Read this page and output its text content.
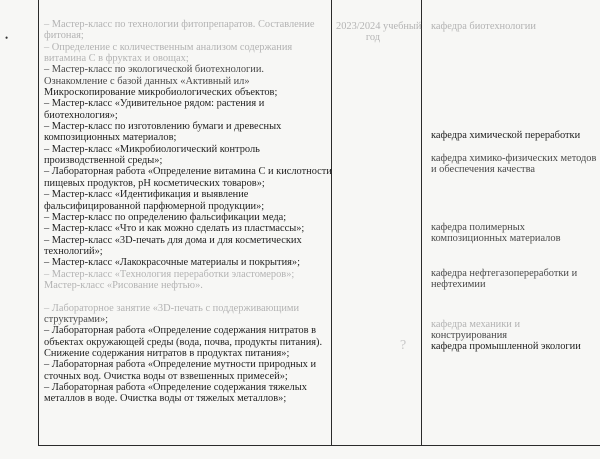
•
– Мастер-класс по технологии фитопрепаратов. Составление
фитоная;
– Определение с количественным анализом содержания
витамина С в фруктах и овощах;
– Мастер-класс по экологической биотехнологии.
Ознакомление с базой данных «Активный ил»
Микроскопирование микробиологических объектов;
– Мастер-класс «Удивительное рядом: растения и
биотехнология»;
– Мастер-класс по изготовлению бумаги и древесных
композиционных материалов;
– Мастер-класс «Микробиологический контроль
производственной среды»;
– Лабораторная работа «Определение витамина С и кислотности
пищевых продуктов, pH косметических товаров»;
– Мастер-класс «Идентификация и выявление
фальсифицированной парфюмерной продукции»;
– Мастер-класс по определению фальсификации меда;
– Мастер-класс «Что и как можно сделать из пластмассы»;
– Мастер-класс «3D-печать для дома и для косметических
технологий»;
– Мастер-класс «Лакокрасочные материалы и покрытия»;
– Мастер-класс «Технология переработки эластомеров»;
Мастер-класс «Рисование нефтью».

– Лабораторное занятие «3D-печать с поддерживающими
структурами»;
– Лабораторная работа «Определение содержания нитратов в
объектах окружающей среды (вода, почва, продукты питания).
Снижение содержания нитратов в продуктах питания»;
– Лабораторная работа «Определение мутности природных и
сточных вод. Очистка воды от взвешенных примесей»;
– Лабораторная работа «Определение содержания тяжелых
металлов в воде. Очистка воды от тяжелых металлов»;
2023/2024 учебный
год
кафедра биотехнологии
кафедра химической переработки
кафедра химико-физических методов
и обеспечения качества
кафедра полимерных
композиционных материалов
кафедра нефтегазопереработки и
нефтехимии
кафедра механики и
конструирования
кафедра промышленной экологии
?
